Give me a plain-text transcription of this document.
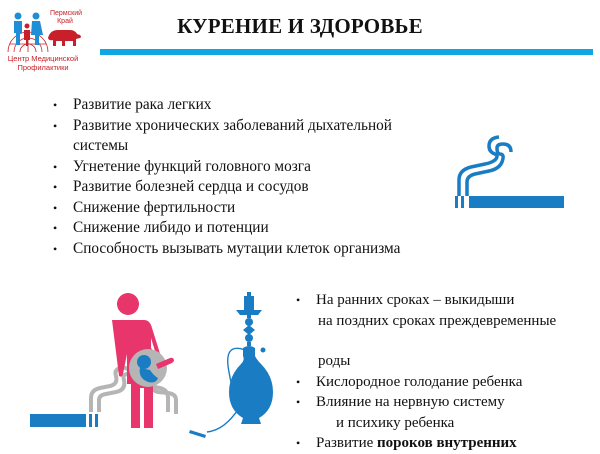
Пермский
Край
Центр Медицинской
Профилактики
КУРЕНИЕ И ЗДОРОВЬЕ
• Развитие рака легких
• Развитие хронических заболеваний дыхательной
системы
• Угнетение функций головного мозга
• Развитие болезней сердца и сосудов
• Снижение фертильности
• Снижение либидо и потенции
• Способность вызывать мутации клеток организма
• На ранних сроках – выкидыши
на поздних сроках преждевременные
роды
• Кислородное голодание ребенка
• Влияние на нервную систему
и психику ребенка
• Развитие пороков внутренних
